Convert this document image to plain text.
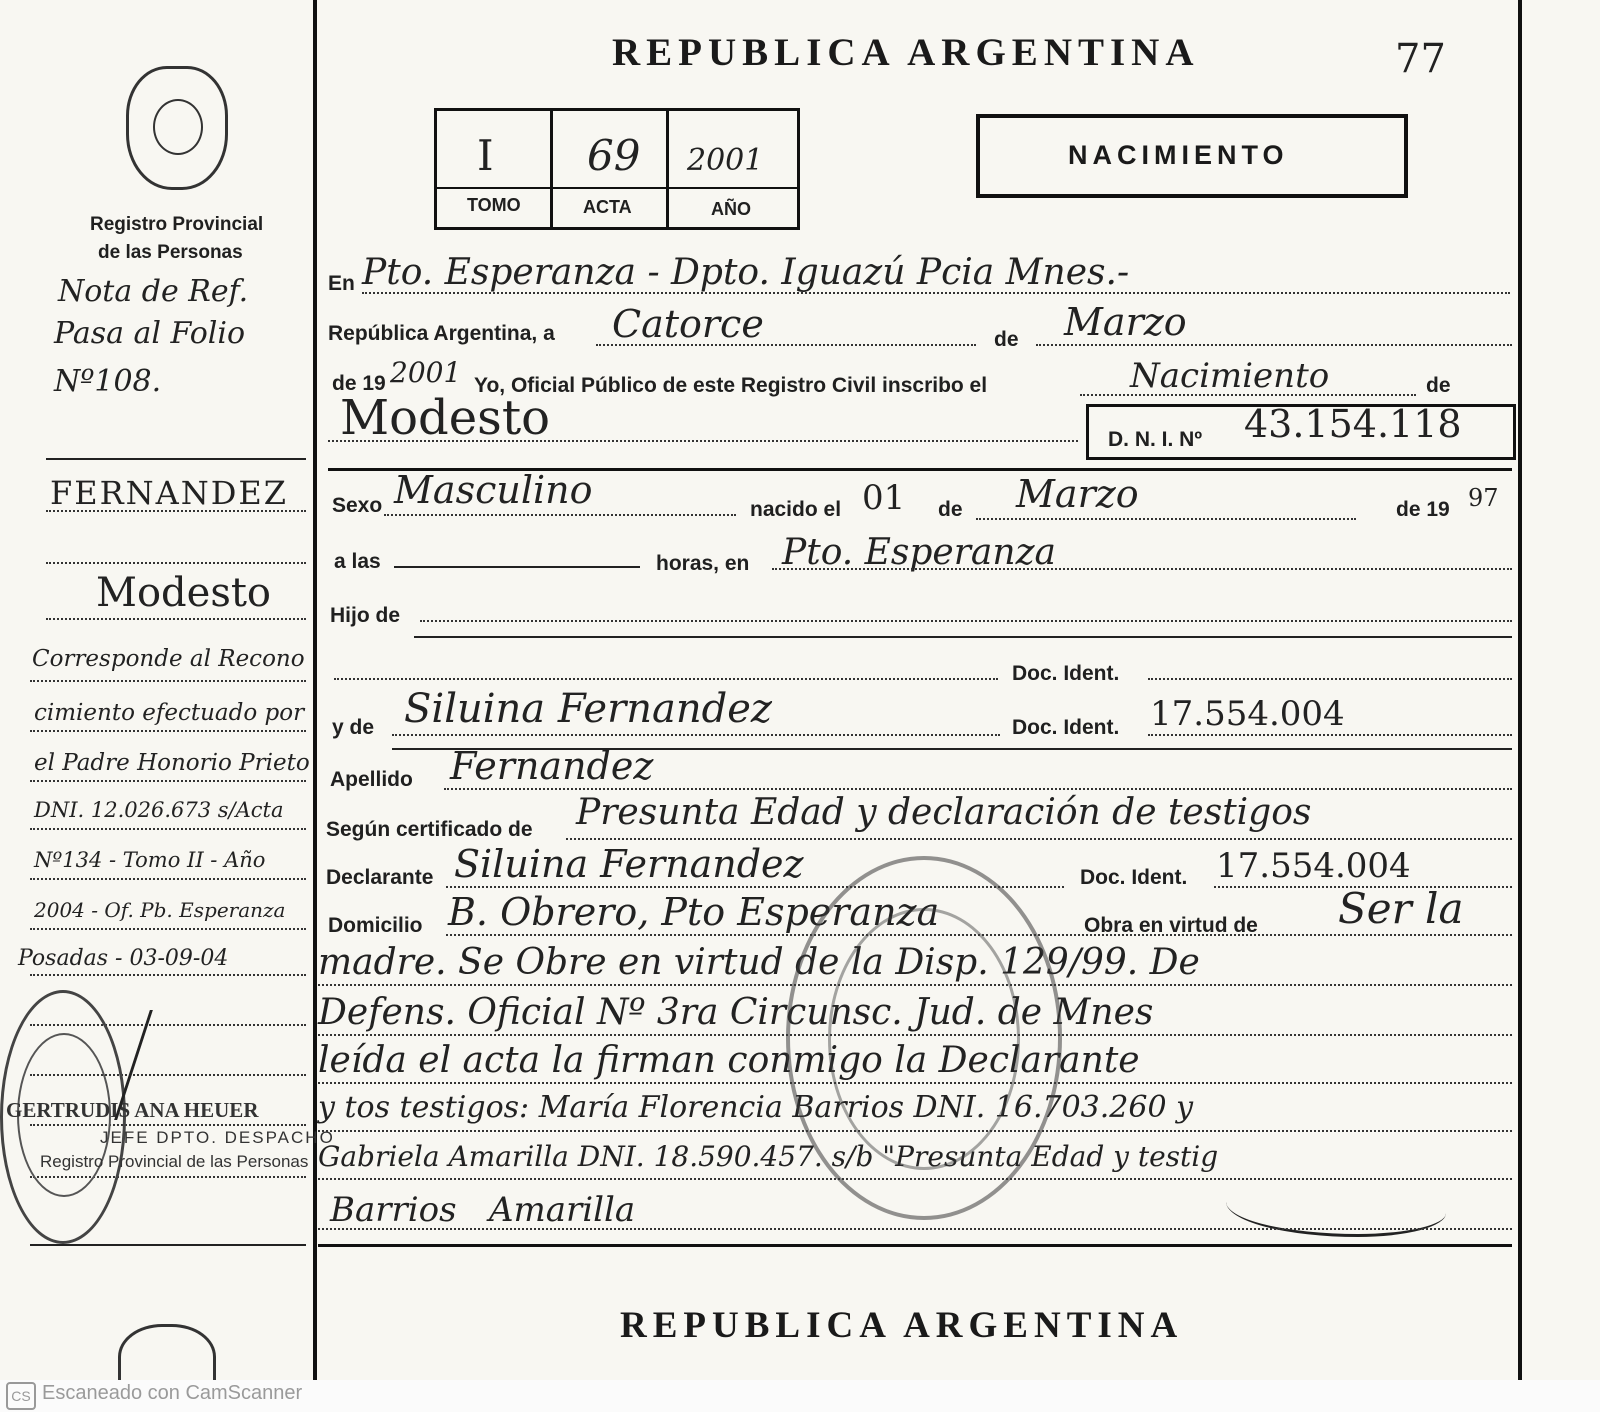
REPUBLICA ARGENTINA	77
I 69 2001
TOMO	ACTA	AÑO
NACIMIENTO
Registro Provincial
de las Personas
Nota de Ref.
Pasa al Folio
Nº108.
FERNANDEZ
Modesto
Corresponde al Recono
cimiento efectuado por
el Padre Honorio Prieto
DNI. 12.026.673 s/Acta
Nº134 - Tomo II - Año
2004 - Of. Pb. Esperanza
Posadas - 03-09-04
GERTRUDIS ANA HEUER
JEFE DPTO. DESPACHO
Registro Provincial de las Personas
En Pto. Esperanza - Dpto. Iguazú Pcia Mnes.-
República Argentina, a Catorce	de Marzo
de 19 2001 Yo, Oficial Público de este Registro Civil inscribo el	Nacimiento	de
Modesto	D. N. I. Nº 43.154.118
Sexo Masculino	nacido el 01 de Marzo	de 19 97
a las	horas, en Pto. Esperanza
Hijo de
Doc. Ident.
y de Siluina Fernandez	Doc. Ident. 17.554.004
Apellido Fernandez
Según certificado de Presunta Edad y declaración de testigos
Declarante Siluina Fernandez	Doc. Ident. 17.554.004
Domicilio B. Obrero, Pto Esperanza	Obra en virtud de Ser la
madre. Se Obre en virtud de la Disp. 129/99. De
Defens. Oficial Nº 3ra Circunsc. Jud. de Mnes
leída el acta la firman conmigo la Declarante
y tos testigos: María Florencia Barrios DNI. 16.703.260 y
Gabriela Amarilla DNI. 18.590.457. s/b "Presunta Edad y testig
Barrios   Amarilla
REPUBLICA ARGENTINA
CS Escaneado con CamScanner
